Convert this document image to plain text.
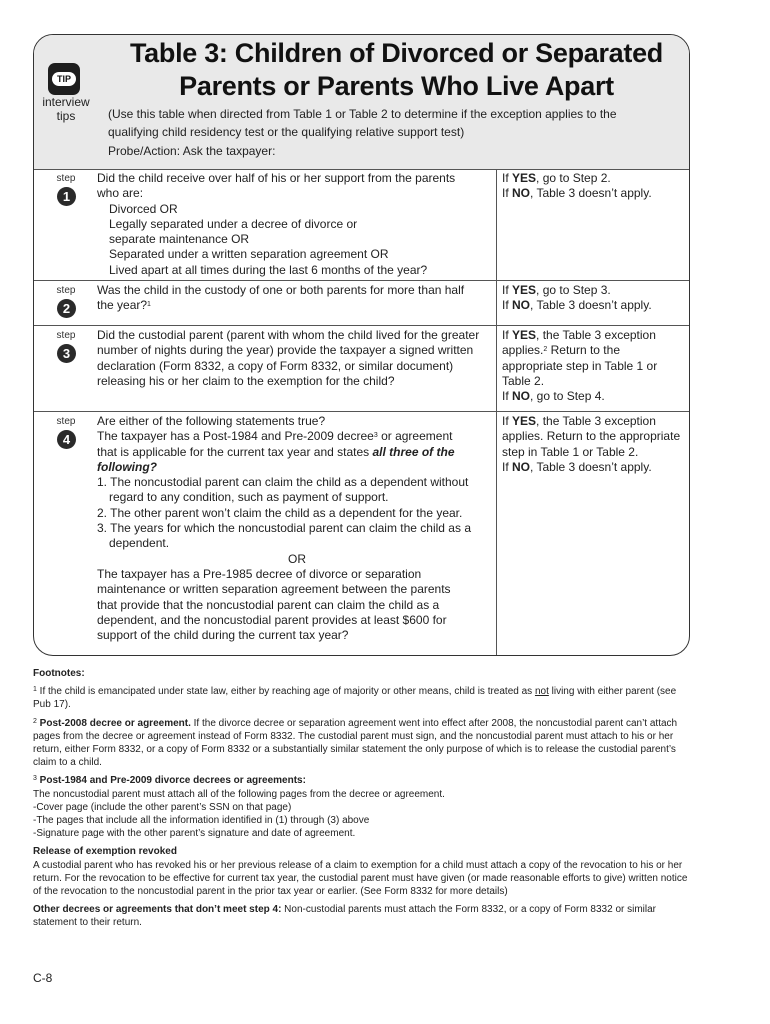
TIP
interview
tips
Table 3: Children of Divorced or Separated
Parents or Parents Who Live Apart
(Use this table when directed from Table 1 or Table 2 to determine if the exception applies to the
qualifying child residency test or the qualifying relative support test)
Probe/Action: Ask the taxpayer:
step
1
Did the child receive over half of his or her support from the parents
who are:
Divorced OR
Legally separated under a decree of divorce or
separate maintenance OR
Separated under a written separation agreement OR
Lived apart at all times during the last 6 months of the year?
If YES, go to Step 2.
If NO, Table 3 doesn’t apply.
step
2
Was the child in the custody of one or both parents for more than half
the year?$^1$
If YES, go to Step 3.
If NO, Table 3 doesn’t apply.
step
3
Did the custodial parent (parent with whom the child lived for the greater
number of nights during the year) provide the taxpayer a signed written
declaration (Form 8332, a copy of Form 8332, or similar document)
releasing his or her claim to the exemption for the child?
If YES, the Table 3 exception
applies.$^2$ Return to the
appropriate step in Table 1 or
Table 2.
If NO, go to Step 4.
step
4
Are either of the following statements true?
The taxpayer has a Post-1984 and Pre-2009 decree$^3$ or agreement
that is applicable for the current tax year and states all three of the
following?
1. The noncustodial parent can claim the child as a dependent without regard to any condition, such as payment of support.
2. The other parent won’t claim the child as a dependent for the year.
3. The years for which the noncustodial parent can claim the child as a dependent.
OR
The taxpayer has a Pre-1985 decree of divorce or separation
maintenance or written separation agreement between the parents
that provide that the noncustodial parent can claim the child as a
dependent, and the noncustodial parent provides at least $600 for
support of the child during the current tax year?
If YES, the Table 3 exception
applies. Return to the appropriate
step in Table 1 or Table 2.
If NO, Table 3 doesn’t apply.

Footnotes:

$^1$ If the child is emancipated under state law, either by reaching age of majority or other means, child is treated as not living with either parent (see Pub 17).

$^2$ Post-2008 decree or agreement. If the divorce decree or separation agreement went into effect after 2008, the noncustodial parent can’t attach pages from the decree or agreement instead of Form 8332. The custodial parent must sign, and the noncustodial parent must attach to his or her return, either Form 8332, or a copy of Form 8332 or a substantially similar statement the only purpose of which is to release the custodial parent’s claim to a child.

$^3$ Post-1984 and Pre-2009 divorce decrees or agreements:
The noncustodial parent must attach all of the following pages from the decree or agreement.
-Cover page (include the other parent’s SSN on that page)
-The pages that include all the information identified in (1) through (3) above
-Signature page with the other parent’s signature and date of agreement.

Release of exemption revoked
A custodial parent who has revoked his or her previous release of a claim to exemption for a child must attach a copy of the revocation to his or her return. For the revocation to be effective for current tax year, the custodial parent must have given (or made reasonable efforts to give) written notice of the revocation to the noncustodial parent in the prior tax year or earlier. (See Form 8332 for more details)

Other decrees or agreements that don’t meet step 4: Non-custodial parents must attach the Form 8332, or a copy of Form 8332 or similar statement to their return.

C-8
